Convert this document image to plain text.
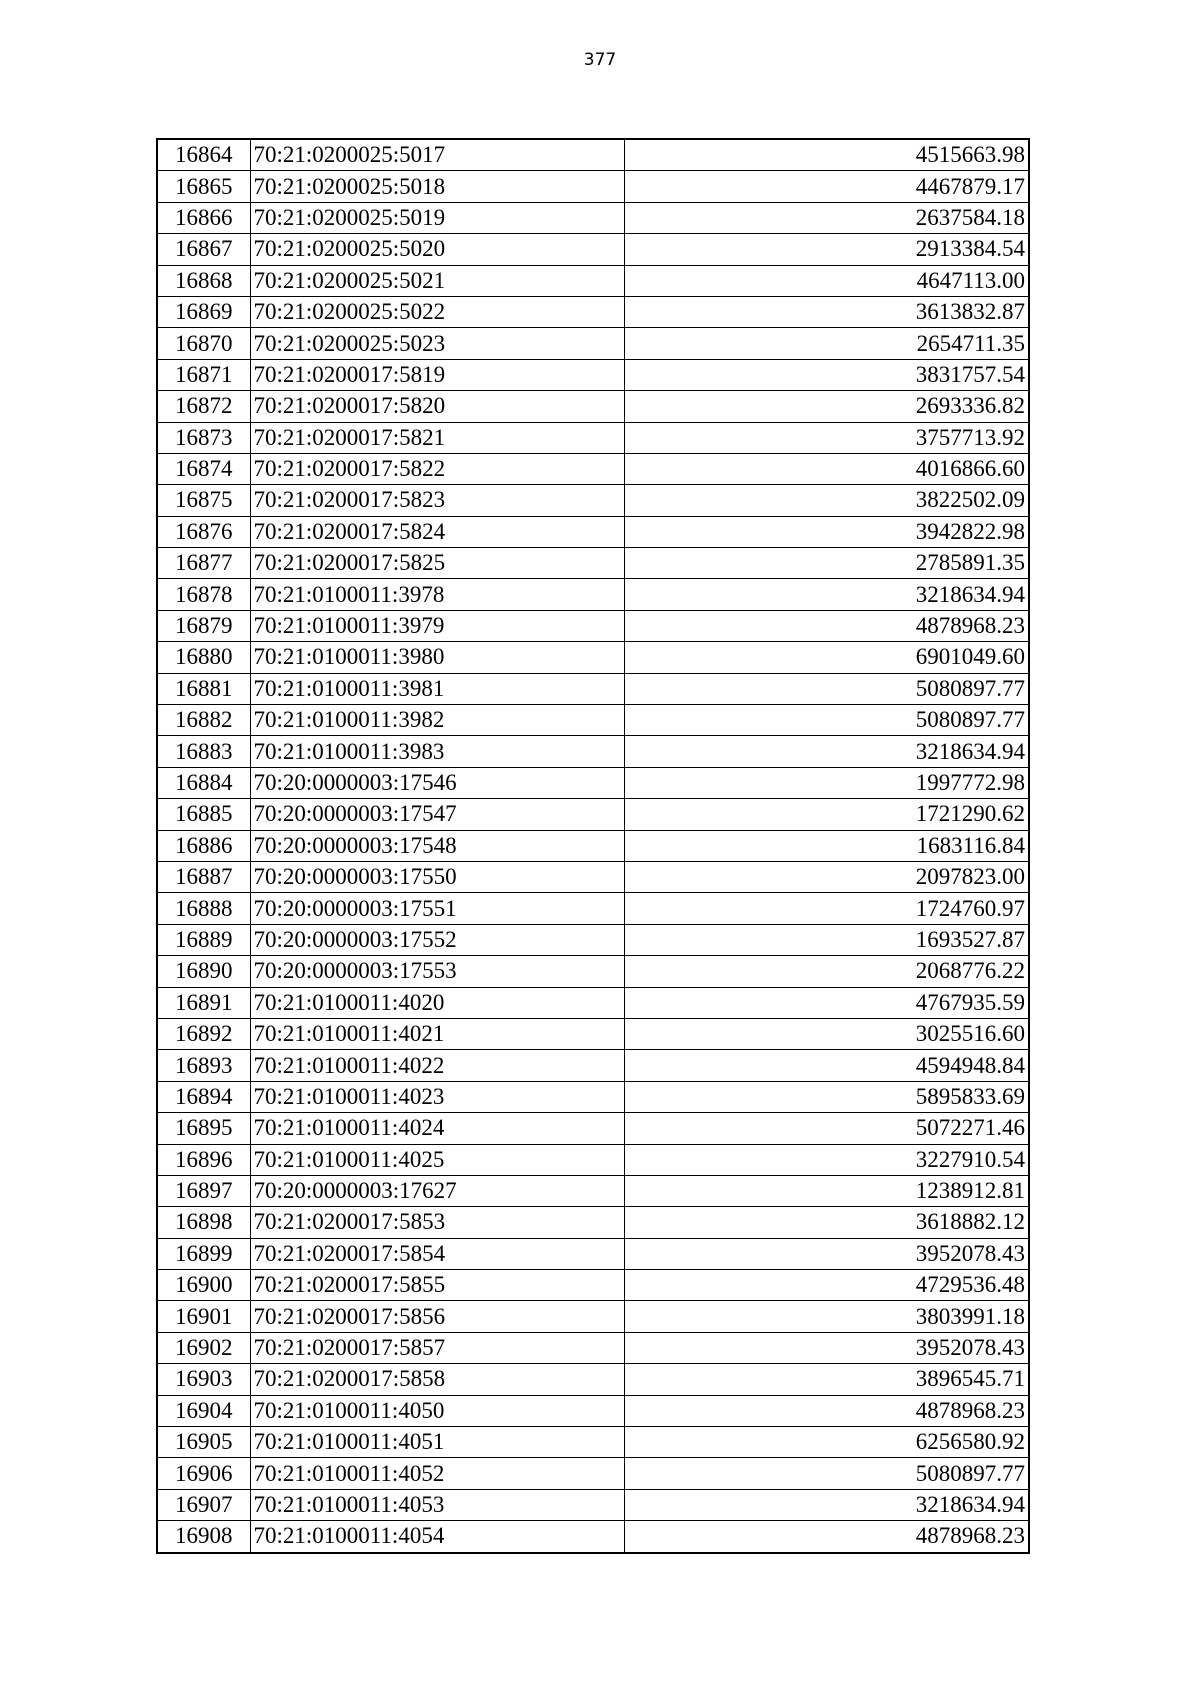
377
16864	70:21:0200025:5017	4515663.98
16865	70:21:0200025:5018	4467879.17
16866	70:21:0200025:5019	2637584.18
16867	70:21:0200025:5020	2913384.54
16868	70:21:0200025:5021	4647113.00
16869	70:21:0200025:5022	3613832.87
16870	70:21:0200025:5023	2654711.35
16871	70:21:0200017:5819	3831757.54
16872	70:21:0200017:5820	2693336.82
16873	70:21:0200017:5821	3757713.92
16874	70:21:0200017:5822	4016866.60
16875	70:21:0200017:5823	3822502.09
16876	70:21:0200017:5824	3942822.98
16877	70:21:0200017:5825	2785891.35
16878	70:21:0100011:3978	3218634.94
16879	70:21:0100011:3979	4878968.23
16880	70:21:0100011:3980	6901049.60
16881	70:21:0100011:3981	5080897.77
16882	70:21:0100011:3982	5080897.77
16883	70:21:0100011:3983	3218634.94
16884	70:20:0000003:17546	1997772.98
16885	70:20:0000003:17547	1721290.62
16886	70:20:0000003:17548	1683116.84
16887	70:20:0000003:17550	2097823.00
16888	70:20:0000003:17551	1724760.97
16889	70:20:0000003:17552	1693527.87
16890	70:20:0000003:17553	2068776.22
16891	70:21:0100011:4020	4767935.59
16892	70:21:0100011:4021	3025516.60
16893	70:21:0100011:4022	4594948.84
16894	70:21:0100011:4023	5895833.69
16895	70:21:0100011:4024	5072271.46
16896	70:21:0100011:4025	3227910.54
16897	70:20:0000003:17627	1238912.81
16898	70:21:0200017:5853	3618882.12
16899	70:21:0200017:5854	3952078.43
16900	70:21:0200017:5855	4729536.48
16901	70:21:0200017:5856	3803991.18
16902	70:21:0200017:5857	3952078.43
16903	70:21:0200017:5858	3896545.71
16904	70:21:0100011:4050	4878968.23
16905	70:21:0100011:4051	6256580.92
16906	70:21:0100011:4052	5080897.77
16907	70:21:0100011:4053	3218634.94
16908	70:21:0100011:4054	4878968.23
